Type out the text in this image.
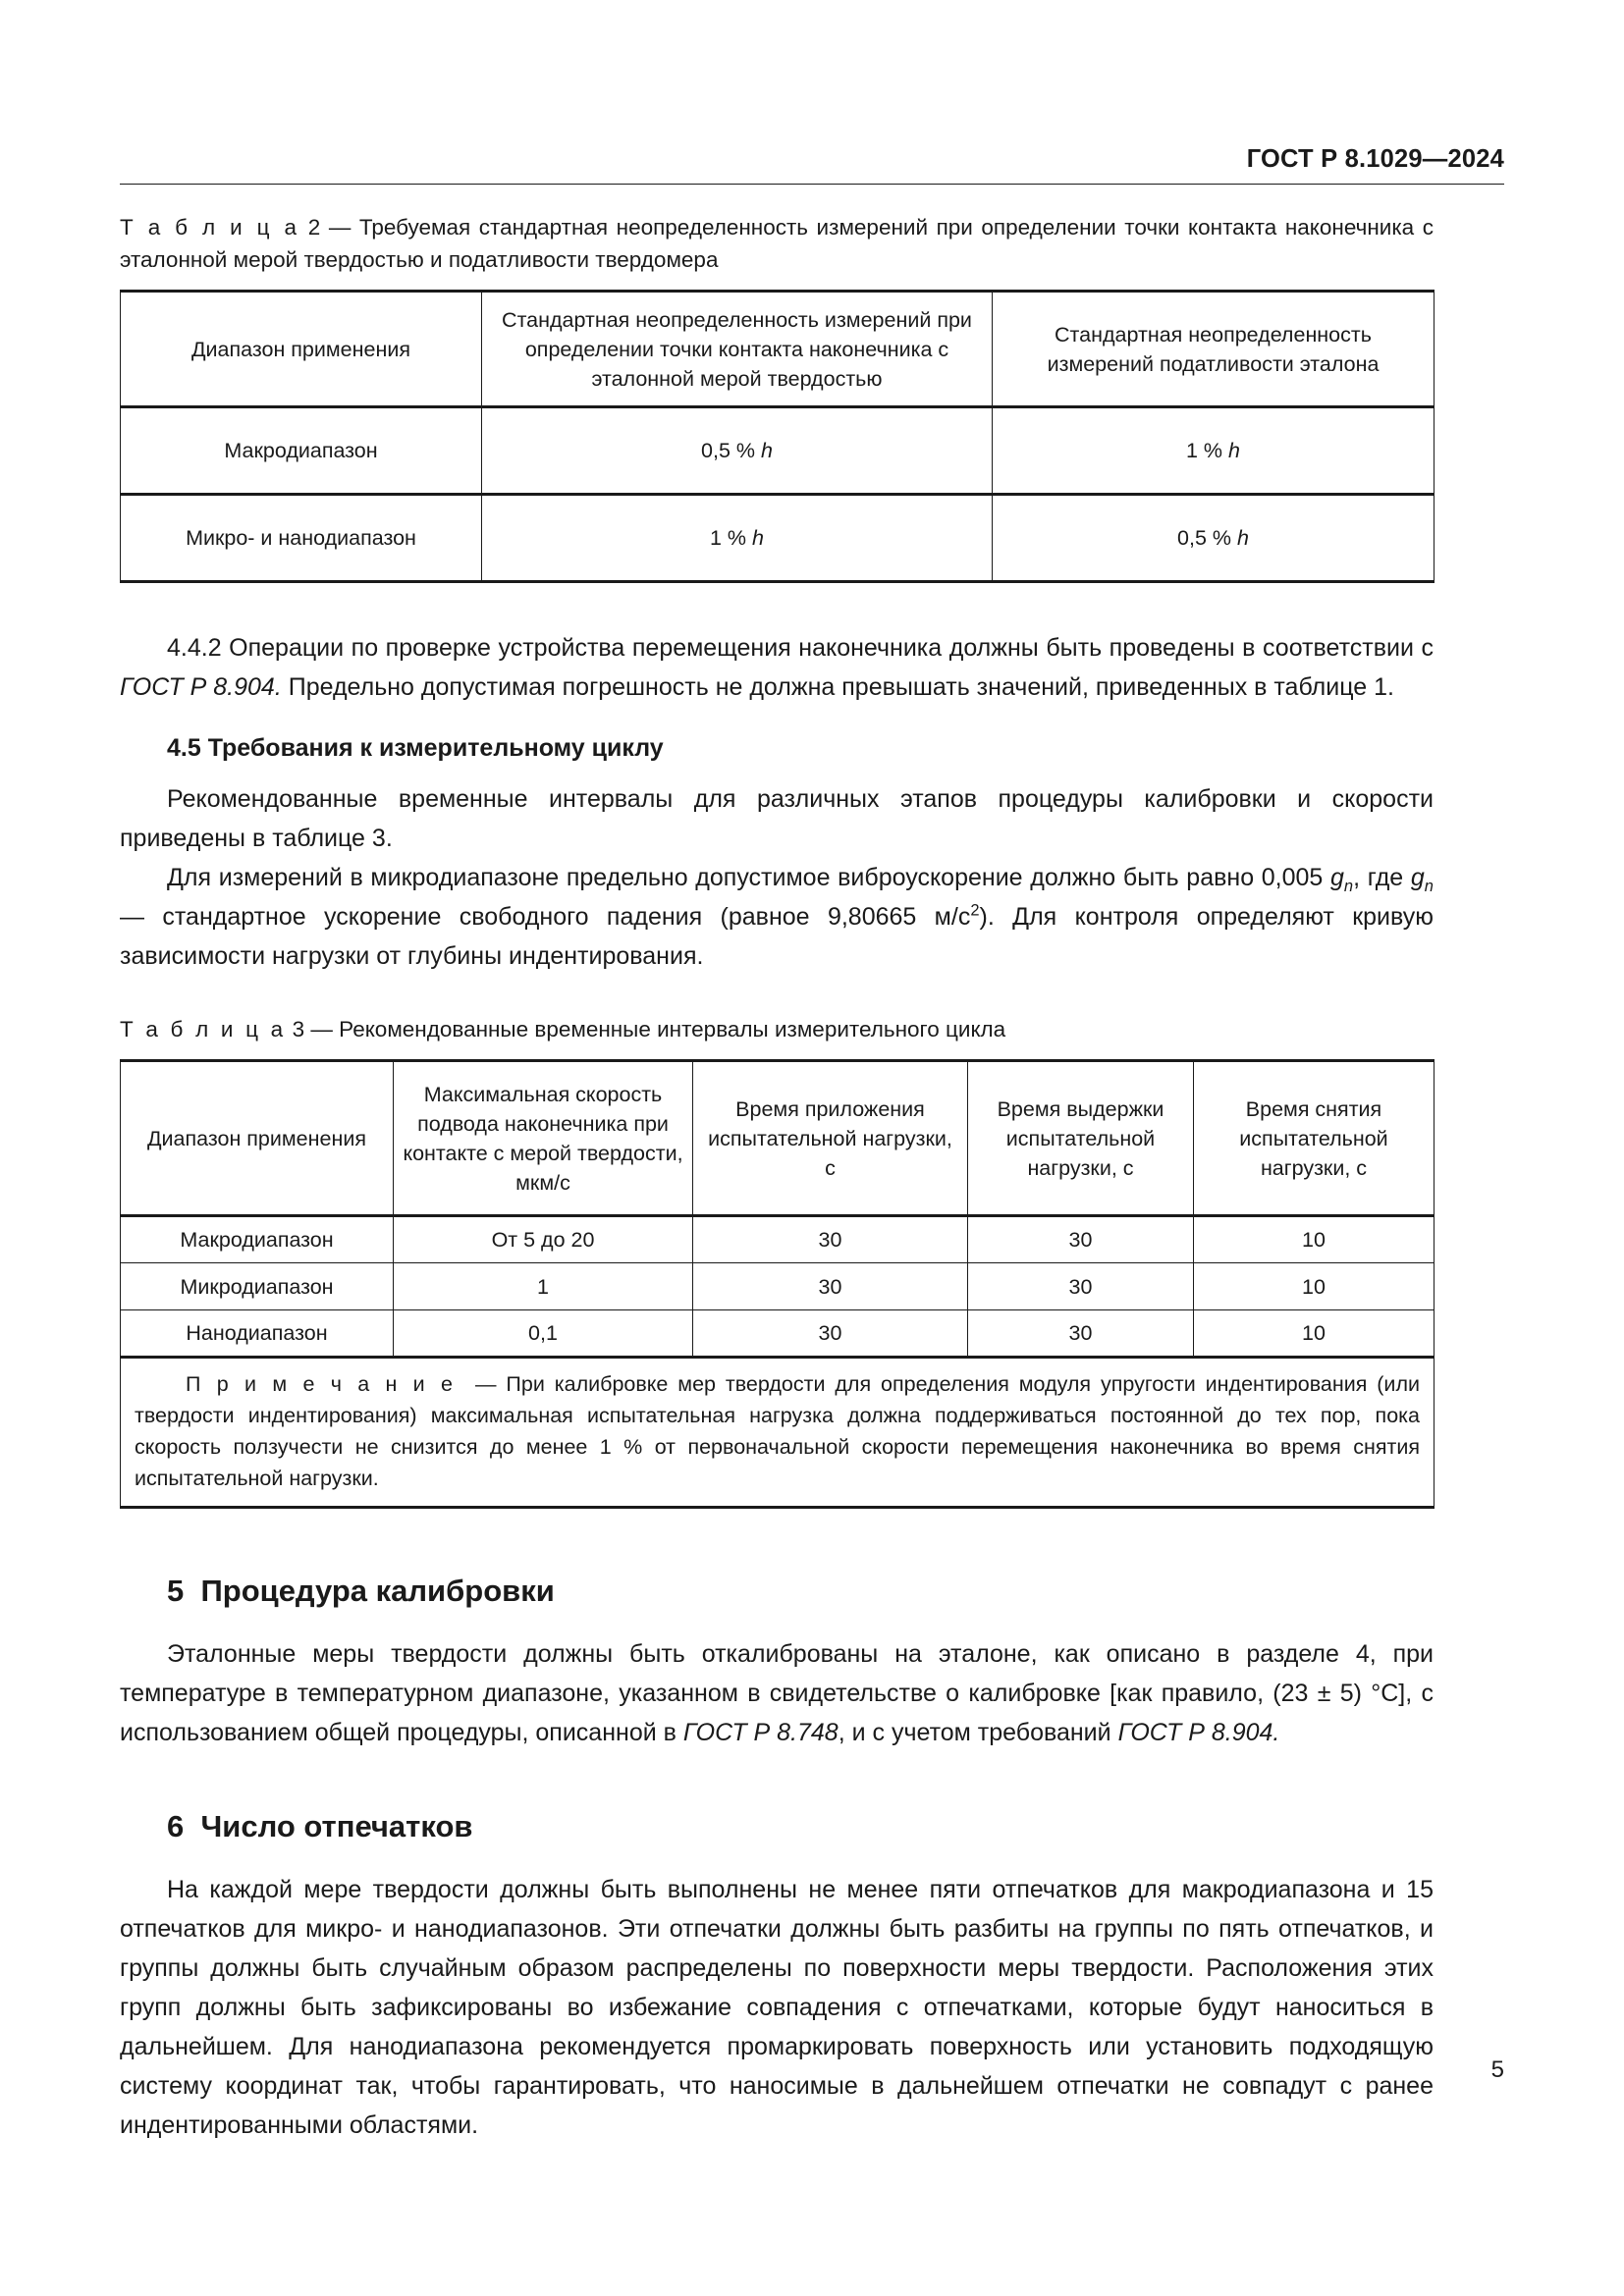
ГОСТ Р 8.1029—2024
Т а б л и ц а 2 — Требуемая стандартная неопределенность измерений при определении точки контакта наконечника с эталонной мерой твердостью и податливости твердомера
Диапазон применения	Стандартная неопределенность измерений при определении точки контакта наконечника с эталонной мерой твердостью	Стандартная неопределенность измерений податливости эталона
Макродиапазон	0,5 % h	1 % h
Микро- и нанодиапазон	1 % h	0,5 % h

4.4.2 Операции по проверке устройства перемещения наконечника должны быть проведены в соответствии с ГОСТ Р 8.904. Предельно допустимая погрешность не должна превышать значений, приведенных в таблице 1.

4.5 Требования к измерительному циклу

Рекомендованные временные интервалы для различных этапов процедуры калибровки и скорости приведены в таблице 3.

Для измерений в микродиапазоне предельно допустимое виброускорение должно быть равно 0,005 $g_n$, где $g_n$ — стандартное ускорение свободного падения (равное 9,80665 $м/с^2$). Для контроля определяют кривую зависимости нагрузки от глубины индентирования.

Т а б л и ц а 3 — Рекомендованные временные интервалы измерительного цикла
Диапазон применения	Максимальная скорость подвода наконечника при контакте с мерой твердости, мкм/с	Время приложения испытательной нагрузки, с	Время выдержки испытательной нагрузки, с	Время снятия испытательной нагрузки, с
Макродиапазон	От 5 до 20	30	30	10
Микродиапазон	1	30	30	10
Нанодиапазон	0,1	30	30	10
П р и м е ч а н и е — При калибровке мер твердости для определения модуля упругости индентирования (или твердости индентирования) максимальная испытательная нагрузка должна поддерживаться постоянной до тех пор, пока скорость ползучести не снизится до менее 1 % от первоначальной скорости перемещения наконечника во время снятия испытательной нагрузки.				
5 Процедура калибровки

Эталонные меры твердости должны быть откалиброваны на эталоне, как описано в разделе 4, при температуре в температурном диапазоне, указанном в свидетельстве о калибровке [как правило, (23 ± 5) °C], с использованием общей процедуры, описанной в ГОСТ Р 8.748, и с учетом требований ГОСТ Р 8.904.

6 Число отпечатков

На каждой мере твердости должны быть выполнены не менее пяти отпечатков для макродиапазона и 15 отпечатков для микро- и нанодиапазонов. Эти отпечатки должны быть разбиты на группы по пять отпечатков, и группы должны быть случайным образом распределены по поверхности меры твердости. Расположения этих групп должны быть зафиксированы во избежание совпадения с отпечатками, которые будут наноситься в дальнейшем. Для нанодиапазона рекомендуется промаркировать поверхность или установить подходящую систему координат так, чтобы гарантировать, что наносимые в дальнейшем отпечатки не совпадут с ранее индентированными областями.

5
